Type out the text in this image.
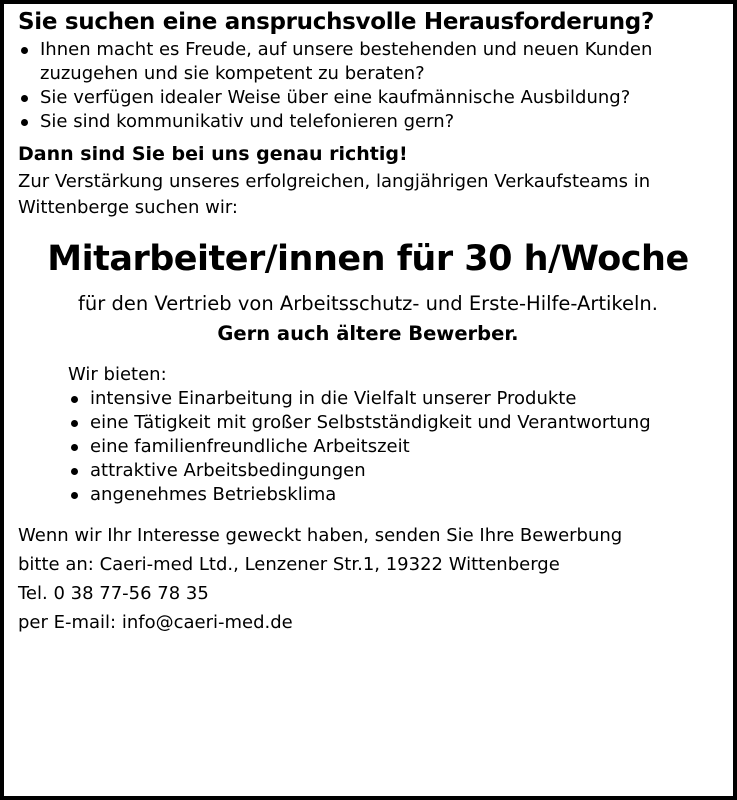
Sie suchen eine anspruchsvolle Herausforderung?
Ihnen macht es Freude, auf unsere bestehenden und neuen Kunden zuzugehen und sie kompetent zu beraten?
Sie verfügen idealer Weise über eine kaufmännische Ausbildung?
Sie sind kommunikativ und telefonieren gern?
Dann sind Sie bei uns genau richtig!
Zur Verstärkung unseres erfolgreichen, langjährigen Verkaufsteams in Wittenberge suchen wir:
Mitarbeiter/innen für 30 h/Woche
für den Vertrieb von Arbeitsschutz- und Erste-Hilfe-Artikeln.
Gern auch ältere Bewerber.
Wir bieten:
intensive Einarbeitung in die Vielfalt unserer Produkte
eine Tätigkeit mit großer Selbstständigkeit und Verantwortung
eine familienfreundliche Arbeitszeit
attraktive Arbeitsbedingungen
angenehmes Betriebsklima
Wenn wir Ihr Interesse geweckt haben, senden Sie Ihre Bewerbung
bitte an: Caeri-med Ltd., Lenzener Str.1, 19322 Wittenberge
Tel. 0 38 77-56 78 35
per E-mail: info@caeri-med.de
